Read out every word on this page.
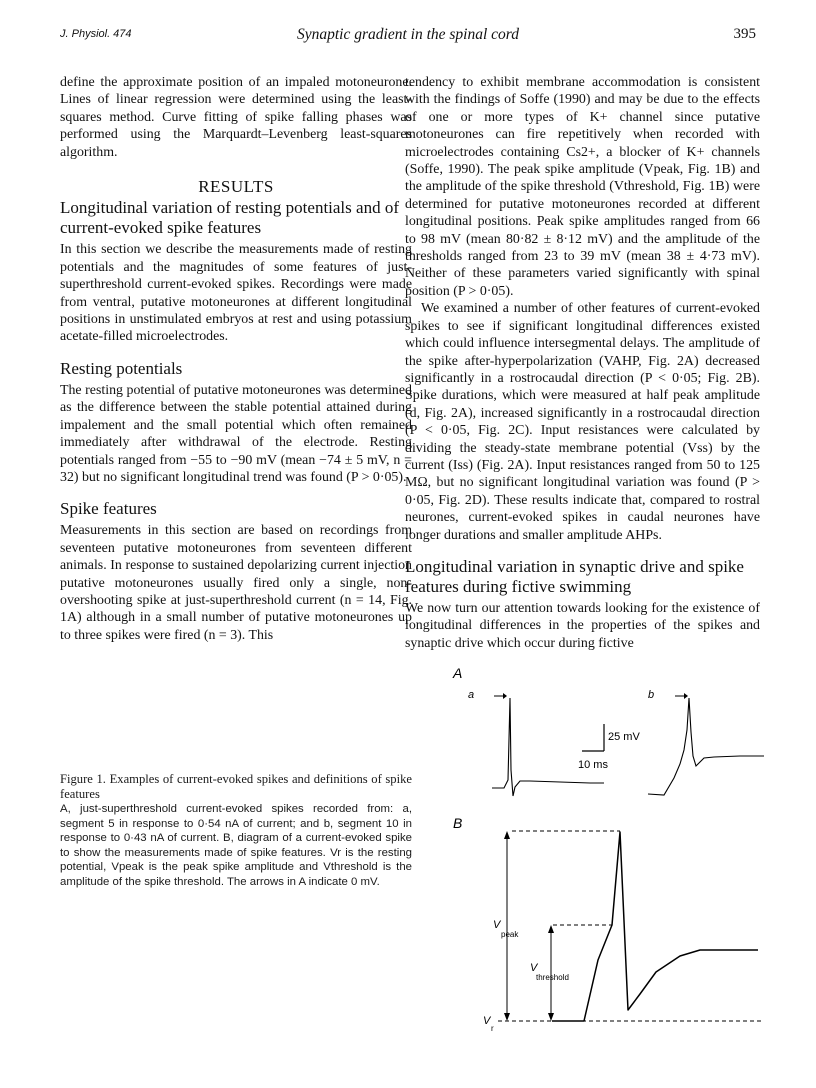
J. Physiol. 474	Synaptic gradient in the spinal cord	395

define the approximate position of an impaled motoneurone. Lines of linear regression were determined using the least-squares method. Curve fitting of spike falling phases was performed using the Marquardt–Levenberg least-squares algorithm.

RESULTS
Longitudinal variation of resting potentials and of current-evoked spike features

In this section we describe the measurements made of resting potentials and the magnitudes of some features of just-superthreshold current-evoked spikes. Recordings were made from ventral, putative motoneurones at different longitudinal positions in unstimulated embryos at rest and using potassium acetate-filled microelectrodes.

Resting potentials

The resting potential of putative motoneurones was determined as the difference between the stable potential attained during impalement and the small potential which often remained immediately after withdrawal of the electrode. Resting potentials ranged from −55 to −90 mV (mean −74 ± 5 mV, n = 32) but no significant longitudinal trend was found (P > 0·05).

Spike features

Measurements in this section are based on recordings from seventeen putative motoneurones from seventeen different animals. In response to sustained depolarizing current injection putative motoneurones usually fired only a single, non-overshooting spike at just-superthreshold current (n = 14, Fig. 1A) although in a small number of putative motoneurones up to three spikes were fired (n = 3). This

tendency to exhibit membrane accommodation is consistent with the findings of Soffe (1990) and may be due to the effects of one or more types of K+ channel since putative motoneurones can fire repetitively when recorded with microelectrodes containing Cs2+, a blocker of K+ channels (Soffe, 1990). The peak spike amplitude (Vpeak, Fig. 1B) and the amplitude of the spike threshold (Vthreshold, Fig. 1B) were determined for putative motoneurones recorded at different longitudinal positions. Peak spike amplitudes ranged from 66 to 98 mV (mean 80·82 ± 8·12 mV) and the amplitude of the thresholds ranged from 23 to 39 mV (mean 38 ± 4·73 mV). Neither of these parameters varied significantly with spinal position (P > 0·05).

We examined a number of other features of current-evoked spikes to see if significant longitudinal differences existed which could influence intersegmental delays. The amplitude of the spike after-hyperpolarization (VAHP, Fig. 2A) decreased significantly in a rostrocaudal direction (P < 0·05; Fig. 2B). Spike durations, which were measured at half peak amplitude (d, Fig. 2A), increased significantly in a rostrocaudal direction (P < 0·05, Fig. 2C). Input resistances were calculated by dividing the steady-state membrane potential (Vss) by the current (Iss) (Fig. 2A). Input resistances ranged from 50 to 125 MΩ, but no significant longitudinal variation was found (P > 0·05, Fig. 2D). These results indicate that, compared to rostral neurones, current-evoked spikes in caudal neurones have longer durations and smaller amplitude AHPs.

Longitudinal variation in synaptic drive and spike features during fictive swimming

We now turn our attention towards looking for the existence of longitudinal differences in the properties of the spikes and synaptic drive which occur during fictive

Figure 1. Examples of current-evoked spikes and definitions of spike features

A, just-superthreshold current-evoked spikes recorded from: a, segment 5 in response to 0·54 nA of current; and b, segment 10 in response to 0·43 nA of current. B, diagram of a current-evoked spike to show the measurements made of spike features. Vr is the resting potential, Vpeak is the peak spike amplitude and Vthreshold is the amplitude of the spike threshold. The arrows in A indicate 0 mV.

A
a	b
25 mV
10 ms
B
V
peak
V
threshold
V
r
